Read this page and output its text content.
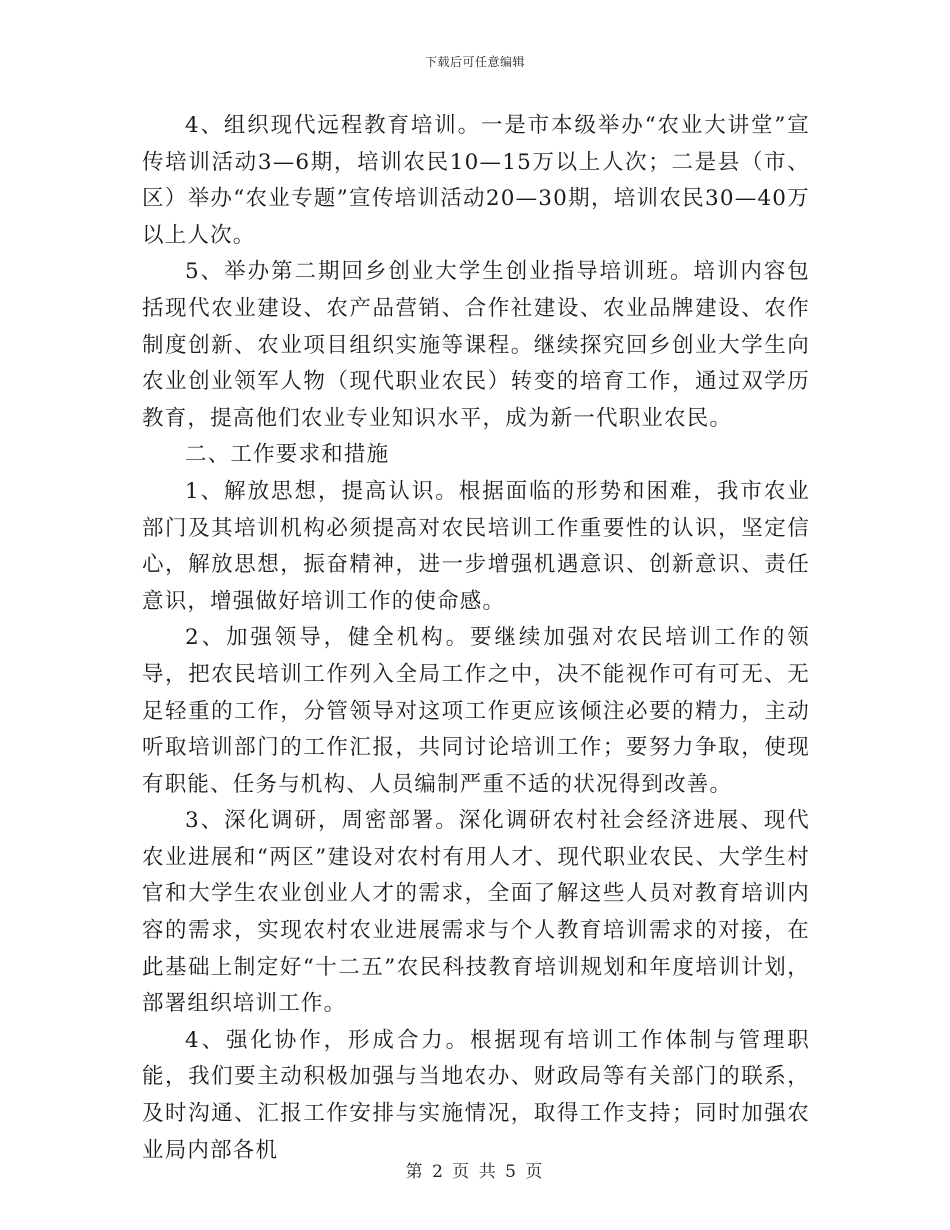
下载后可任意编辑

4、组织现代远程教育培训。一是市本级举办“农业大讲堂”宣传培训活动3—6期，培训农民10—15万以上人次；二是县（市、区）举办“农业专题”宣传培训活动20—30期，培训农民30—40万以上人次。

5、举办第二期回乡创业大学生创业指导培训班。培训内容包括现代农业建设、农产品营销、合作社建设、农业品牌建设、农作制度创新、农业项目组织实施等课程。继续探究回乡创业大学生向农业创业领军人物（现代职业农民）转变的培育工作，通过双学历教育，提高他们农业专业知识水平，成为新一代职业农民。

二、工作要求和措施

1、解放思想，提高认识。根据面临的形势和困难，我市农业部门及其培训机构必须提高对农民培训工作重要性的认识，坚定信心，解放思想，振奋精神，进一步增强机遇意识、创新意识、责任意识，增强做好培训工作的使命感。

2、加强领导，健全机构。要继续加强对农民培训工作的领导，把农民培训工作列入全局工作之中，决不能视作可有可无、无足轻重的工作，分管领导对这项工作更应该倾注必要的精力，主动听取培训部门的工作汇报，共同讨论培训工作；要努力争取，使现有职能、任务与机构、人员编制严重不适的状况得到改善。

3、深化调研，周密部署。深化调研农村社会经济进展、现代农业进展和“两区”建设对农村有用人才、现代职业农民、大学生村官和大学生农业创业人才的需求，全面了解这些人员对教育培训内容的需求，实现农村农业进展需求与个人教育培训需求的对接，在此基础上制定好“十二五”农民科技教育培训规划和年度培训计划，部署组织培训工作。

4、强化协作，形成合力。根据现有培训工作体制与管理职能，我们要主动积极加强与当地农办、财政局等有关部门的联系，及时沟通、汇报工作安排与实施情况，取得工作支持；同时加强农业局内部各机

第 2 页 共 5 页
